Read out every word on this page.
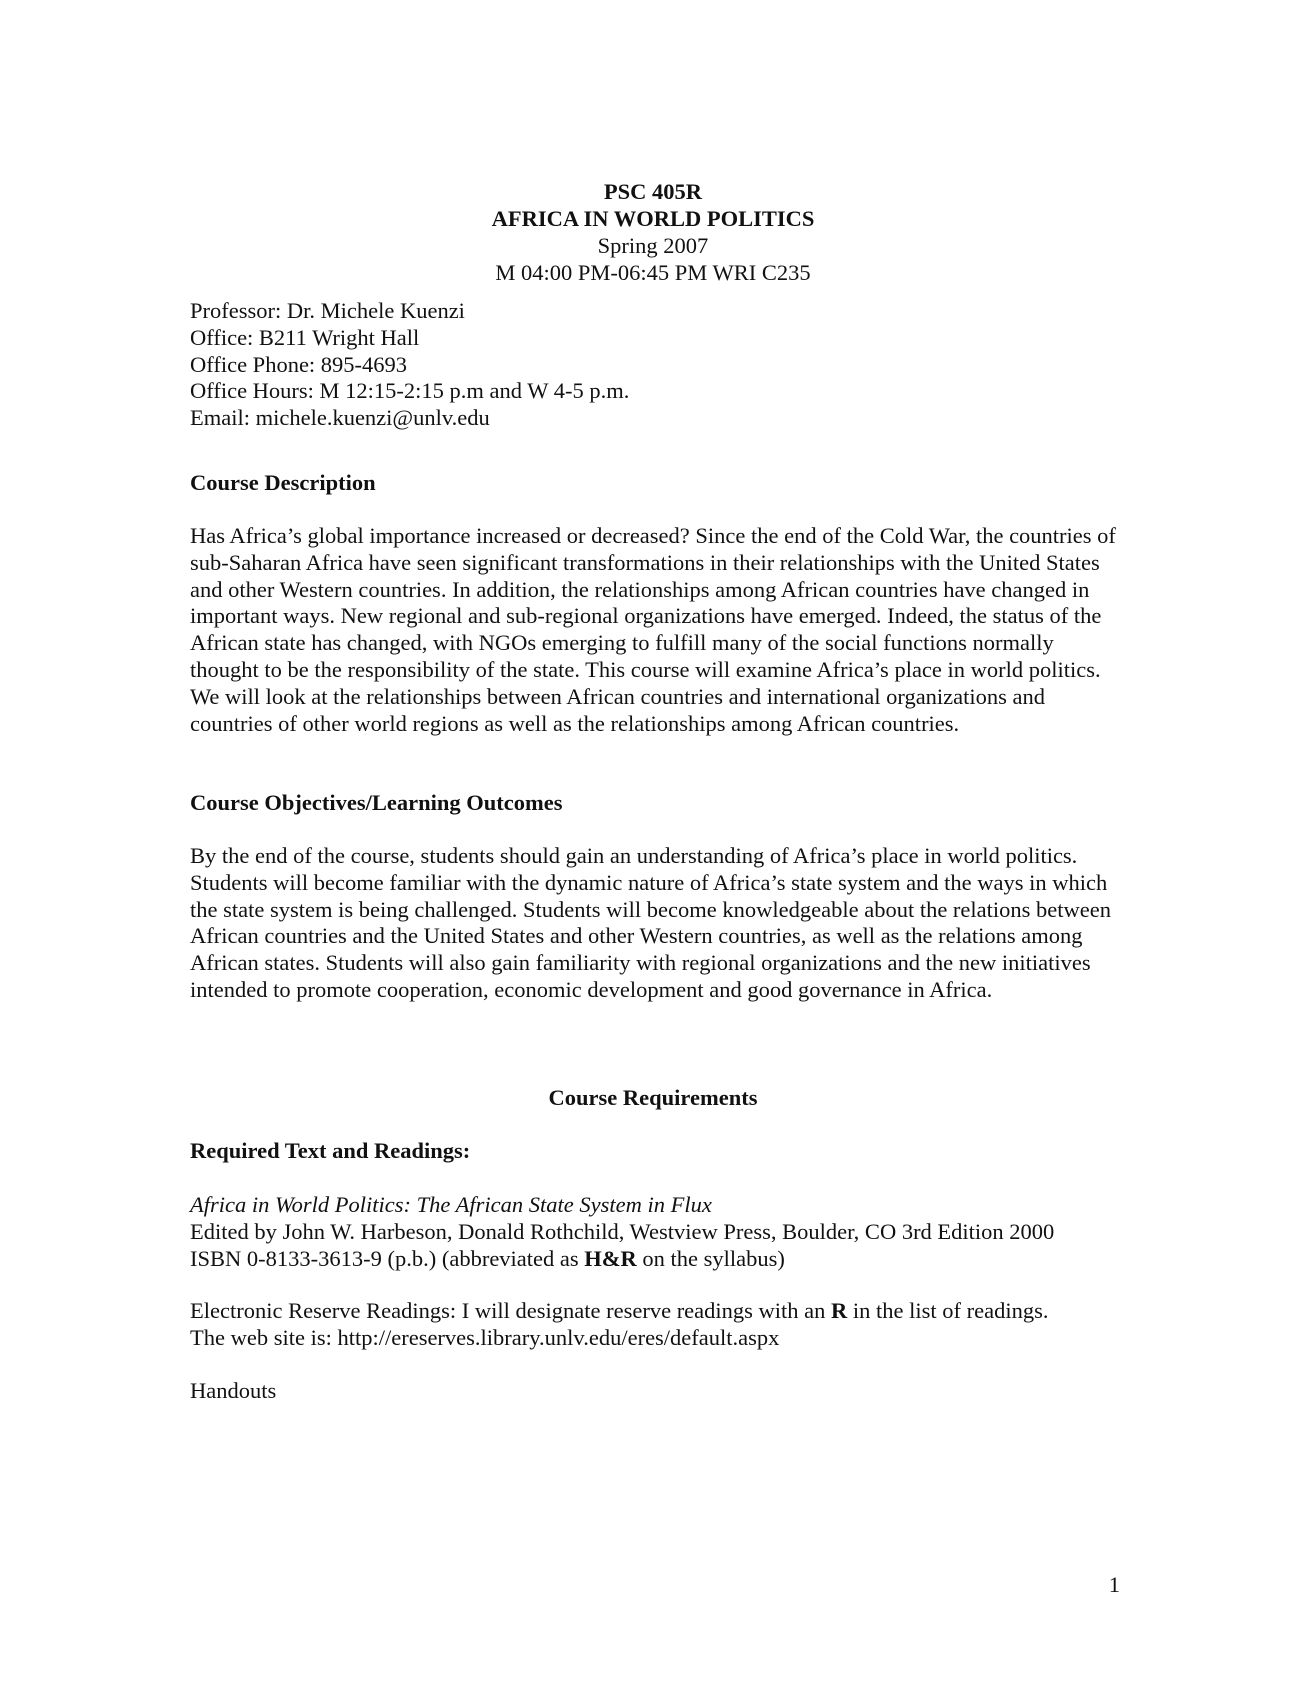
PSC 405R
AFRICA IN WORLD POLITICS
Spring 2007
M 04:00 PM-06:45 PM WRI C235

Professor: Dr. Michele Kuenzi

Office: B211 Wright Hall

Office Phone: 895-4693

Office Hours: M 12:15-2:15 p.m and W 4-5 p.m.

Email: michele.kuenzi@unlv.edu

Course Description

Has Africa’s global importance increased or decreased? Since the end of the Cold War, the countries of sub-Saharan Africa have seen significant transformations in their relationships with the United States and other Western countries. In addition, the relationships among African countries have changed in important ways. New regional and sub-regional organizations have emerged. Indeed, the status of the African state has changed, with NGOs emerging to fulfill many of the social functions normally thought to be the responsibility of the state. This course will examine Africa’s place in world politics. We will look at the relationships between African countries and international organizations and countries of other world regions as well as the relationships among African countries.

Course Objectives/Learning Outcomes

By the end of the course, students should gain an understanding of Africa’s place in world politics. Students will become familiar with the dynamic nature of Africa’s state system and the ways in which the state system is being challenged. Students will become knowledgeable about the relations between African countries and the United States and other Western countries, as well as the relations among African states. Students will also gain familiarity with regional organizations and the new initiatives intended to promote cooperation, economic development and good governance in Africa.

Course Requirements
Required Text and Readings:

Africa in World Politics: The African State System in Flux

Edited by John W. Harbeson, Donald Rothchild, Westview Press, Boulder, CO 3rd Edition 2000

ISBN 0-8133-3613-9 (p.b.) (abbreviated as H&R on the syllabus)

Electronic Reserve Readings: I will designate reserve readings with an R in the list of readings.

The web site is: http://ereserves.library.unlv.edu/eres/default.aspx

Handouts
1
